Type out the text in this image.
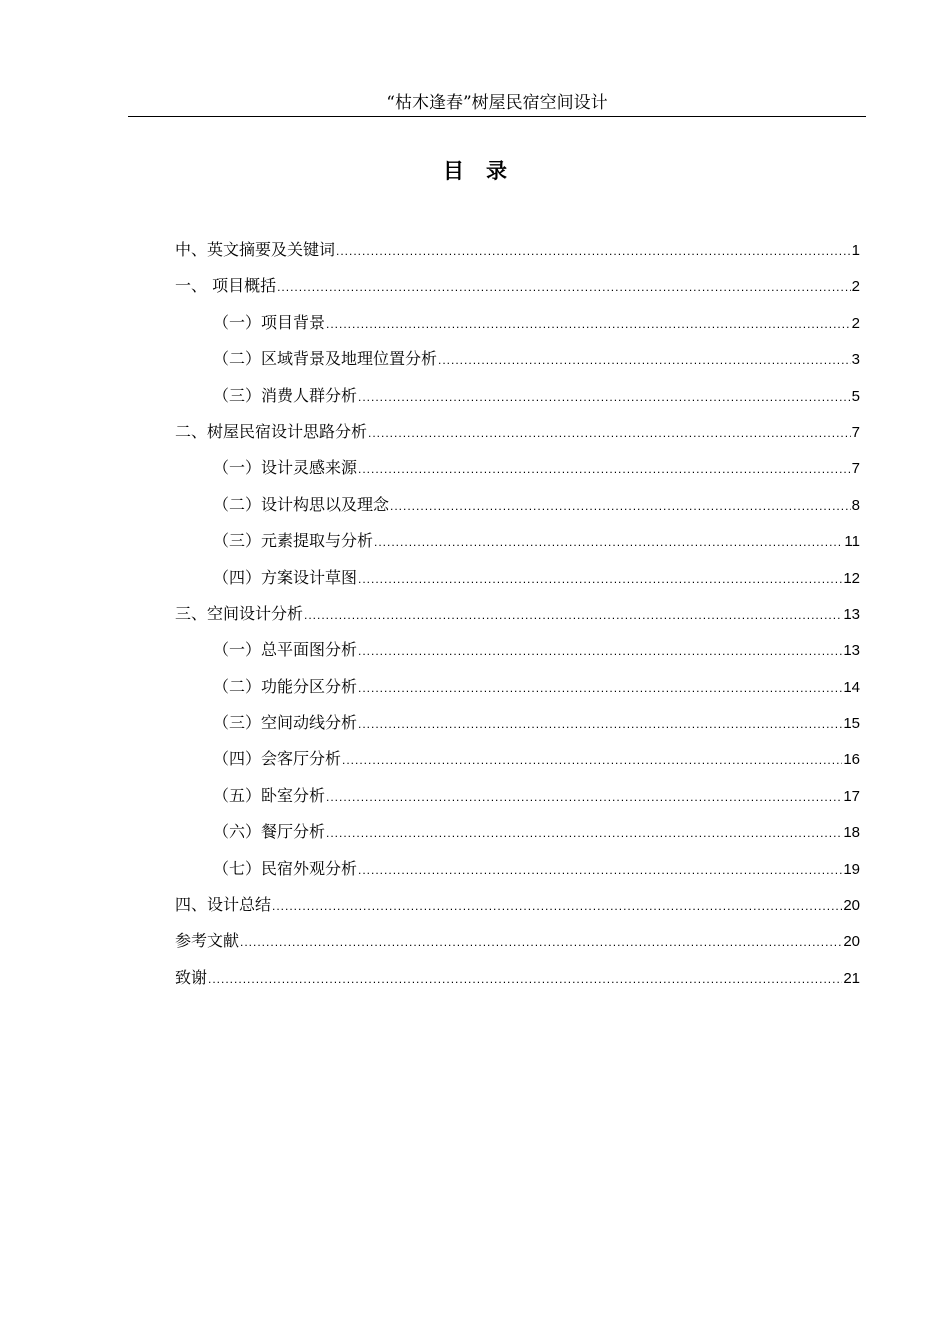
“枯木逢春”树屋民宿空间设计
目录
中、英文摘要及关键词 .....	1
一、 项目概括 .....	2
（一）项目背景 .....	2
（二）区域背景及地理位置分析 .....	3
（三）消费人群分析 .....	5
二、树屋民宿设计思路分析 .....	7
（一）设计灵感来源 .....	7
（二）设计构思以及理念 .....	8
（三）元素提取与分析 .....	11
（四）方案设计草图 .....	12
三、空间设计分析 .....	13
（一）总平面图分析 .....	13
（二）功能分区分析 .....	14
（三）空间动线分析 .....	15
（四）会客厅分析 .....	16
（五）卧室分析 .....	17
（六）餐厅分析 .....	18
（七）民宿外观分析 .....	19
四、设计总结 .....	20
参考文献 .....	20
致谢 .....	21
